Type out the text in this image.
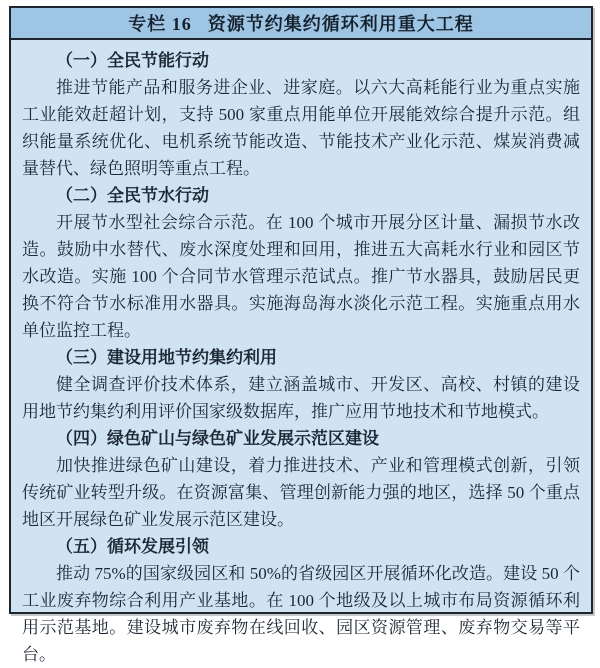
专栏 16 资源节约集约循环利用重大工程
（一）全民节能行动

推进节能产品和服务进企业、进家庭。以六大高耗能行业为重点实施工业能效赶超计划，支持 500 家重点用能单位开展能效综合提升示范。组织能量系统优化、电机系统节能改造、节能技术产业化示范、煤炭消费减量替代、绿色照明等重点工程。

（二）全民节水行动

开展节水型社会综合示范。在 100 个城市开展分区计量、漏损节水改造。鼓励中水替代、废水深度处理和回用，推进五大高耗水行业和园区节水改造。实施 100 个合同节水管理示范试点。推广节水器具，鼓励居民更换不符合节水标准用水器具。实施海岛海水淡化示范工程。实施重点用水单位监控工程。

（三）建设用地节约集约利用

健全调查评价技术体系，建立涵盖城市、开发区、高校、村镇的建设用地节约集约利用评价国家级数据库，推广应用节地技术和节地模式。

（四）绿色矿山与绿色矿业发展示范区建设

加快推进绿色矿山建设，着力推进技术、产业和管理模式创新，引领传统矿业转型升级。在资源富集、管理创新能力强的地区，选择 50 个重点地区开展绿色矿业发展示范区建设。

（五）循环发展引领

推动 75%的国家级园区和 50%的省级园区开展循环化改造。建设 50 个工业废弃物综合利用产业基地。在 100 个地级及以上城市布局资源循环利用示范基地。建设城市废弃物在线回收、园区资源管理、废弃物交易等平台。
